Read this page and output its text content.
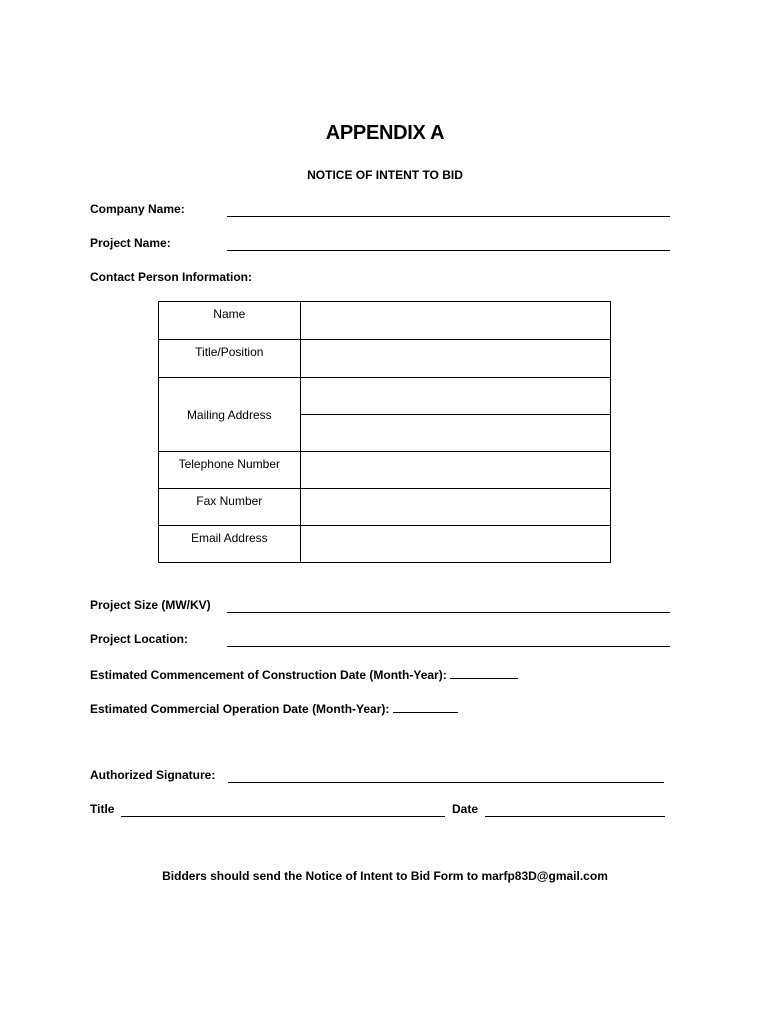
APPENDIX A
NOTICE OF INTENT TO BID
Company Name:
Project Name:
Contact Person Information:
Name	
Title/Position	
Mailing Address	

Telephone Number	
Fax Number	
Email Address	
Project Size (MW/KV)
Project Location:
Estimated Commencement of Construction Date (Month-Year):
Estimated Commercial Operation Date (Month-Year):
Authorized Signature:
Title	Date
Bidders should send the Notice of Intent to Bid Form to marfp83D@gmail.com
